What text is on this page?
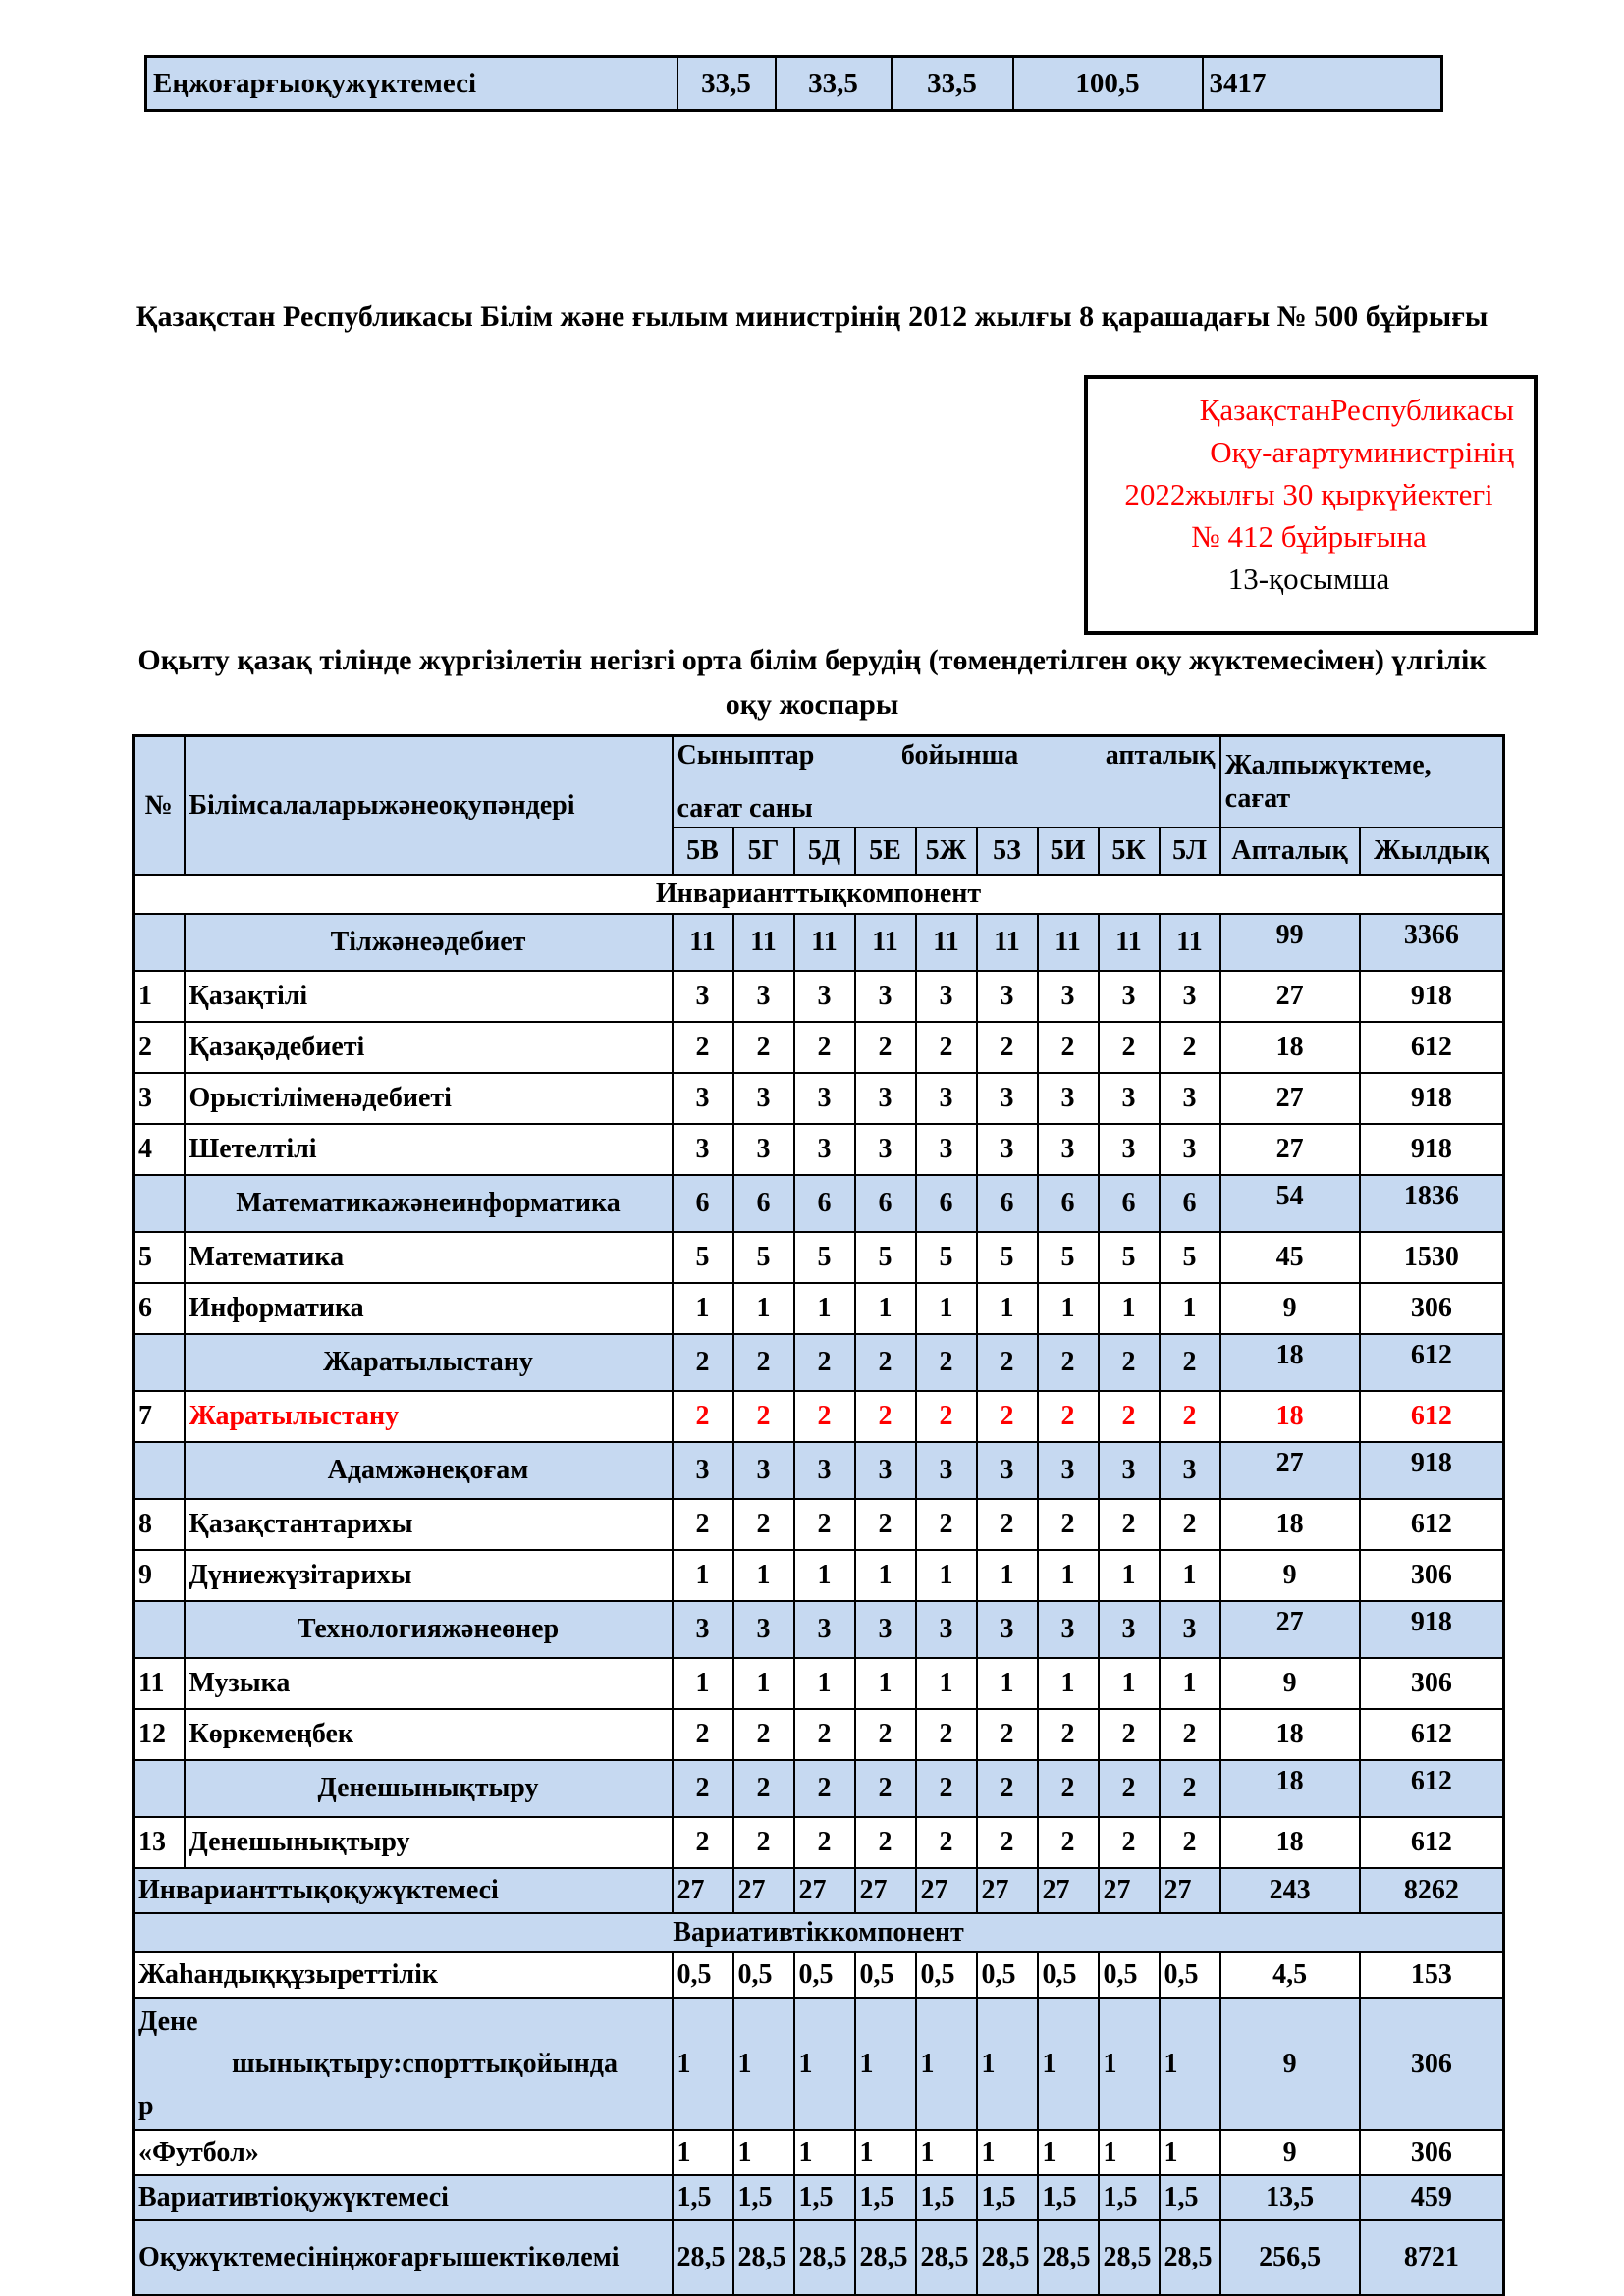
Еңжоғарғыоқужүктемесі	33,5	33,5	33,5	100,5	3417
Қазақстан Республикасы Білім және ғылым министрінің 2012 жылғы 8 қарашадағы № 500 бұйрығы
ҚазақстанРеспубликасы
Оқу-ағартуминистрінің
2022жылғы 30 қыркүйектегі
№ 412 бұйрығына
13-қосымша
Оқыту қазақ тілінде жүргізілетін негізгі орта білім берудің (төмендетілген оқу жүктемесімен) үлгілік оқу жоспары
№	Білімсалаларыжәнеоқупәндері	
Сыныптар бойынша апталық
сағат саны

Жалпыжүктеме,
сағат

		5В	5Г	5Д	5Е	5Ж	5З	5И	5К	5Л	Апталық	Жылдық
Инварианттықкомпонент												
	Тілжәнеәдебиет	11	11	11	11	11	11	11	11	11	99	3366
1	Қазақтілі	3	3	3	3	3	3	3	3	3	27	918
2	Қазақәдебиеті	2	2	2	2	2	2	2	2	2	18	612
3	Орыстіліменәдебиеті	3	3	3	3	3	3	3	3	3	27	918
4	Шетелтілі	3	3	3	3	3	3	3	3	3	27	918
	Математикажәнеинформатика	6	6	6	6	6	6	6	6	6	54	1836
5	Математика	5	5	5	5	5	5	5	5	5	45	1530
6	Информатика	1	1	1	1	1	1	1	1	1	9	306
	Жаратылыстану	2	2	2	2	2	2	2	2	2	18	612
7	Жаратылыстану	2	2	2	2	2	2	2	2	2	18	612
	Адамжәнеқоғам	3	3	3	3	3	3	3	3	3	27	918
8	Қазақстантарихы	2	2	2	2	2	2	2	2	2	18	612
9	Дүниежүзітарихы	1	1	1	1	1	1	1	1	1	9	306
	Технологияжәнеөнер	3	3	3	3	3	3	3	3	3	27	918
11	Музыка	1	1	1	1	1	1	1	1	1	9	306
12	Көркемеңбек	2	2	2	2	2	2	2	2	2	18	612
	Денешынықтыру	2	2	2	2	2	2	2	2	2	18	612
13	Денешынықтыру	2	2	2	2	2	2	2	2	2	18	612
Инварианттықоқужүктемесі		27	27	27	27	27	27	27	27	27	243	8262
Вариативтіккомпонент												
Жаһандыққұзыреттілік		0,5	0,5	0,5	0,5	0,5	0,5	0,5	0,5	0,5	4,5	153

Дене
шынықтыру:спорттықойында
р		1	1	1	1	1	1	1	1	1	9	306
«Футбол»		1	1	1	1	1	1	1	1	1	9	306
Вариативтіоқужүктемесі		1,5	1,5	1,5	1,5	1,5	1,5	1,5	1,5	1,5	13,5	459
Оқужүктемесініңжоғарғышектікөлемі		28,5	28,5	28,5	28,5	28,5	28,5	28,5	28,5	28,5	256,5	8721
